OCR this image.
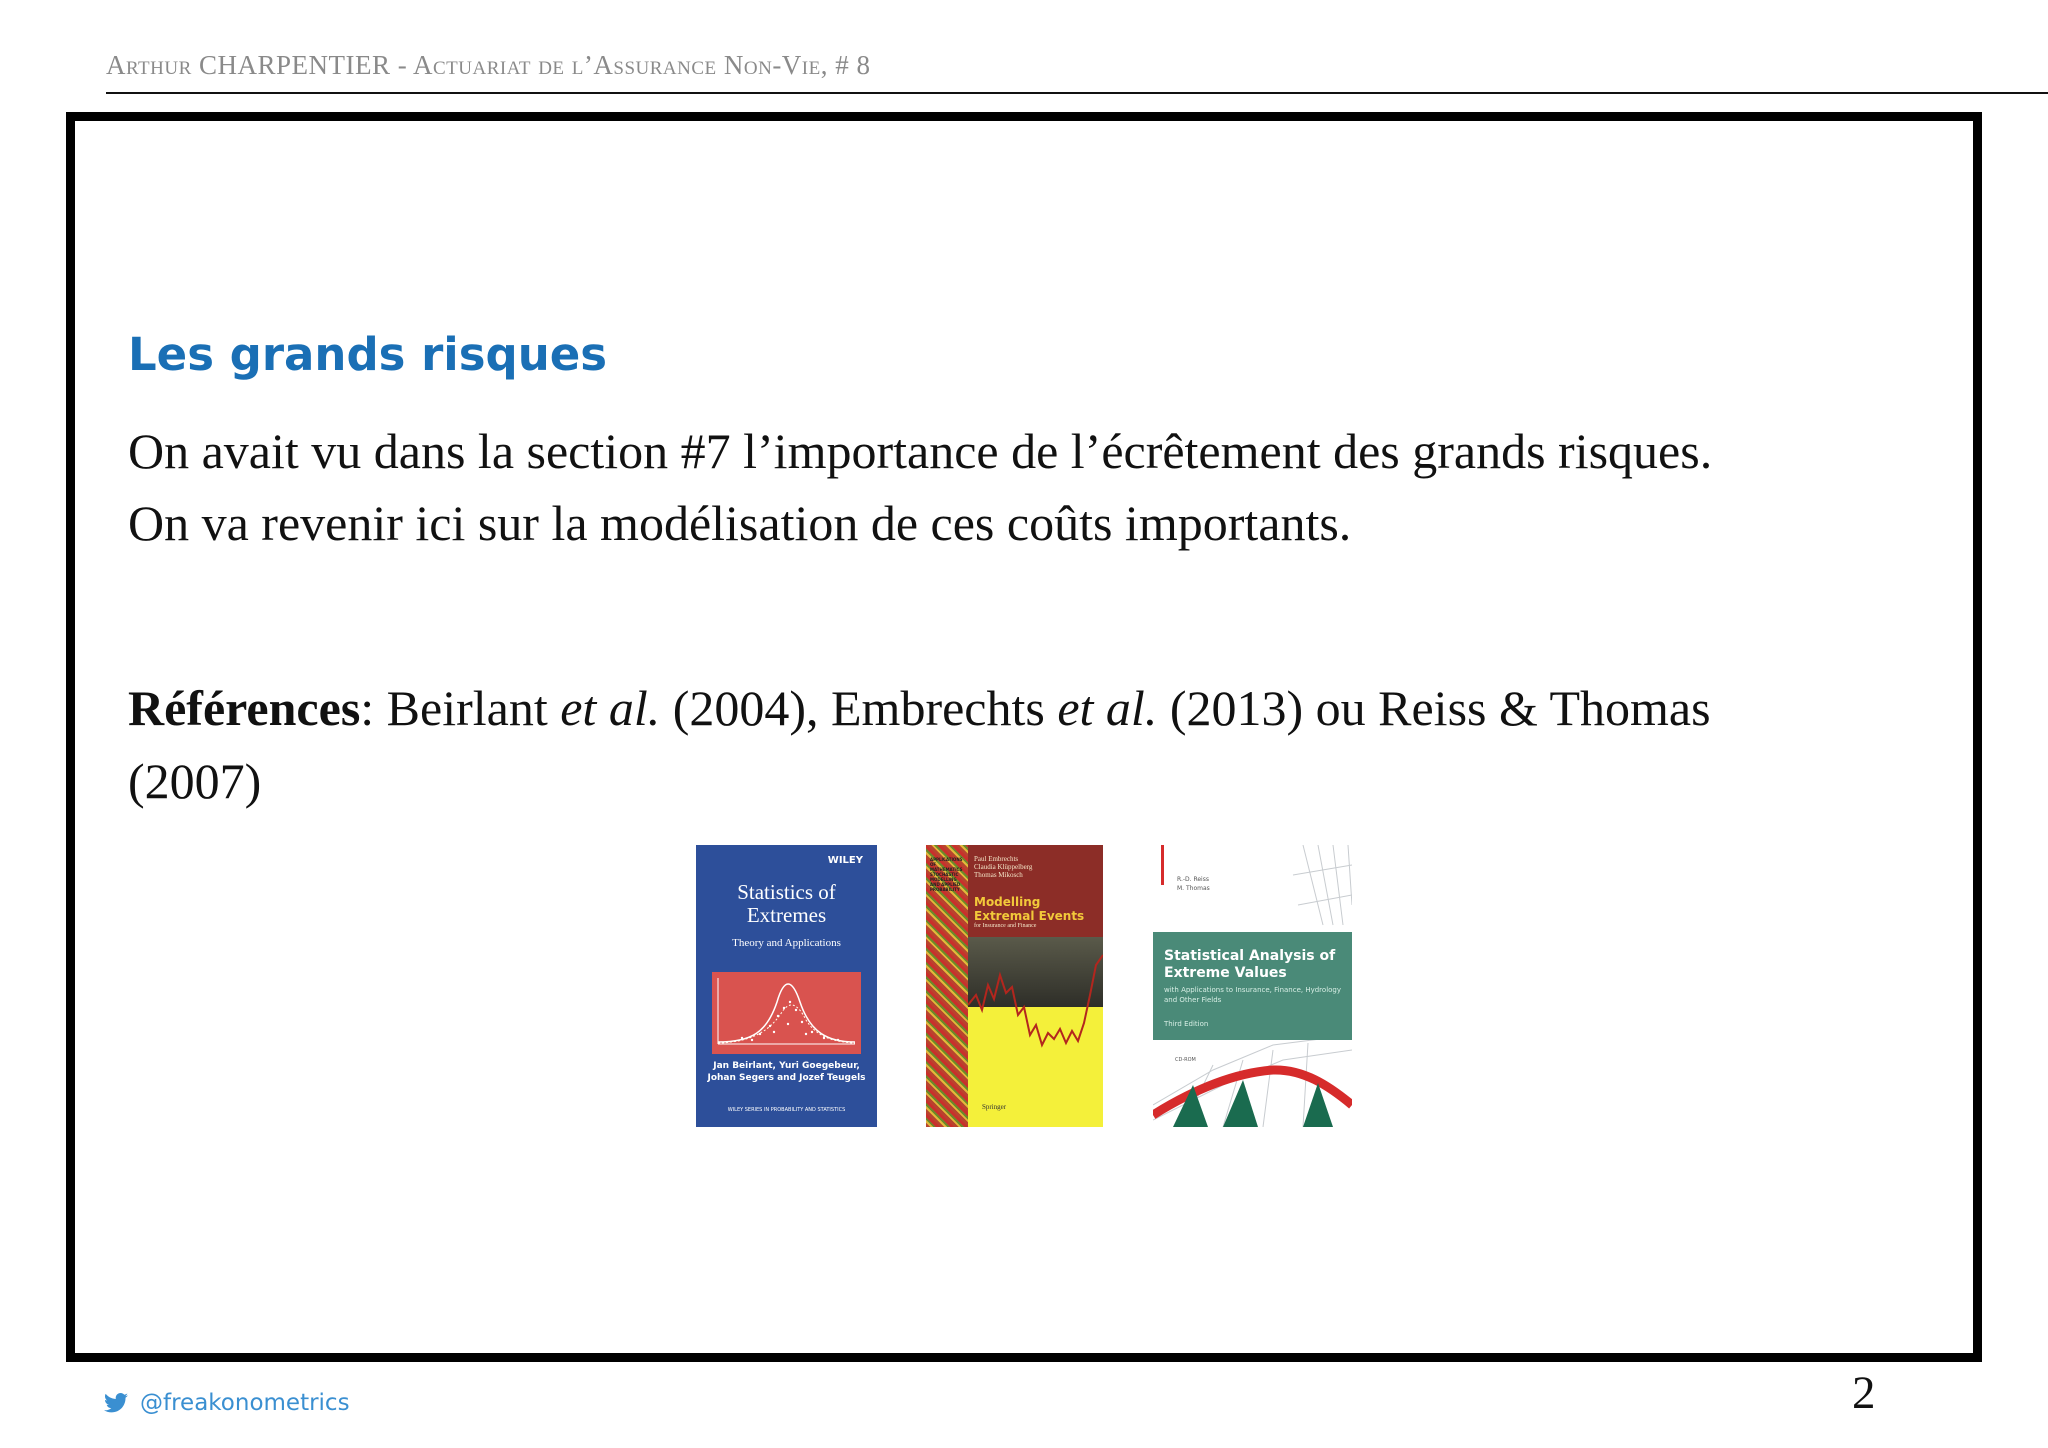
Arthur CHARPENTIER - Actuariat de l’Assurance Non-Vie, # 8
Les grands risques
On avait vu dans la section #7 l’importance de l’écrêtement des grands risques.
On va revenir ici sur la modélisation de ces coûts importants.
Références: Beirlant et al. (2004), Embrechts et al. (2013) ou Reiss & Thomas
(2007)
WILEY
Statistics of
Extremes
Theory and Applications
Jan Beirlant, Yuri Goegebeur,
Johan Segers and Jozef Teugels
WILEY SERIES IN PROBABILITY AND STATISTICS
APPLICATIONS OF MATHEMATICS STOCHASTIC MODELLING AND APPLIED PROBABILITY
Paul Embrechts
Claudia Klüppelberg
Thomas Mikosch
Modelling
Extremal Events
for Insurance and Finance
Springer
R.-D. Reiss
M. Thomas
Statistical Analysis of
Extreme Values
with Applications to Insurance, Finance, Hydrology and Other Fields
Third Edition
CD-ROM
@freakonometrics	2
